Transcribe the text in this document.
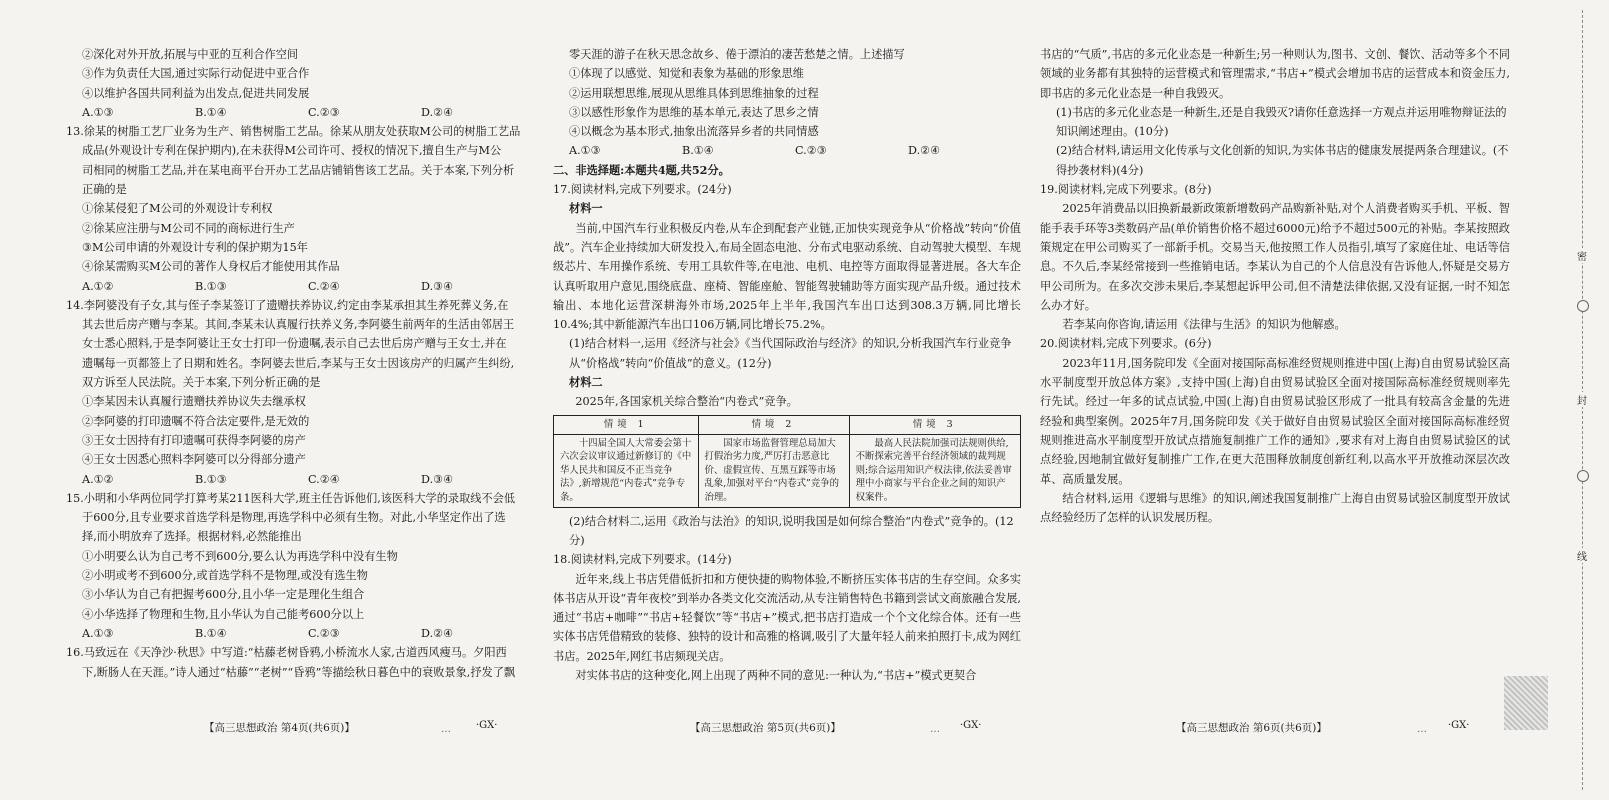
②深化对外开放,拓展与中亚的互利合作空间
③作为负责任大国,通过实际行动促进中亚合作
④以维护各国共同利益为出发点,促进共同发展
A.①③	B.①④	C.②③	D.②④
13.徐某的树脂工艺厂业务为生产、销售树脂工艺品。徐某从朋友处获取M公司的树脂工艺品
成品(外观设计专利在保护期内),在未获得M公司许可、授权的情况下,擅自生产与M公
司相同的树脂工艺品,并在某电商平台开办工艺品店铺销售该工艺品。关于本案,下列分析
正确的是
①徐某侵犯了M公司的外观设计专利权
②徐某应注册与M公司不同的商标进行生产
③M公司申请的外观设计专利的保护期为15年
④徐某需购买M公司的著作人身权后才能使用其作品
A.①②	B.①③	C.②④	D.③④
14.李阿婆没有子女,其与侄子李某签订了遗赠扶养协议,约定由李某承担其生养死葬义务,在
其去世后房产赠与李某。其间,李某未认真履行扶养义务,李阿婆生前两年的生活由邻居王
女士悉心照料,于是李阿婆让王女士打印一份遗嘱,表示自己去世后房产赠与王女士,并在
遗嘱每一页都签上了日期和姓名。李阿婆去世后,李某与王女士因该房产的归属产生纠纷,
双方诉至人民法院。关于本案,下列分析正确的是
①李某因未认真履行遗赠扶养协议失去继承权
②李阿婆的打印遗嘱不符合法定要件,是无效的
③王女士因持有打印遗嘱可获得李阿婆的房产
④王女士因悉心照料李阿婆可以分得部分遗产
A.①②	B.①③	C.②④	D.③④
15.小明和小华两位同学打算考某211医科大学,班主任告诉他们,该医科大学的录取线不会低
于600分,且专业要求首选学科是物理,再选学科中必须有生物。对此,小华坚定作出了选
择,而小明放弃了选择。根据材料,必然能推出
①小明要么认为自己考不到600分,要么认为再选学科中没有生物
②小明或考不到600分,或首选学科不是物理,或没有选生物
③小华认为自己有把握考600分,且小华一定是理化生组合
④小华选择了物理和生物,且小华认为自己能考600分以上
A.①③	B.①④	C.②③	D.②④
16.马致远在《天净沙·秋思》中写道:“枯藤老树昏鸦,小桥流水人家,古道西风瘦马。夕阳西
下,断肠人在天涯。”诗人通过“枯藤”“老树”“昏鸦”等描绘秋日暮色中的衰败景象,抒发了飘
零天涯的游子在秋天思念故乡、倦于漂泊的凄苦愁楚之情。上述描写
①体现了以感觉、知觉和表象为基础的形象思维
②运用联想思维,展现从思维具体到思维抽象的过程
③以感性形象作为思维的基本单元,表达了思乡之情
④以概念为基本形式,抽象出流落异乡者的共同情感
A.①③	B.①④	C.②③	D.②④
二、非选择题:本题共4题,共52分。
17.阅读材料,完成下列要求。(24分)
材料一
当前,中国汽车行业积极反内卷,从车企到配套产业链,正加快实现竞争从“价格战”转向“价值战”。汽车企业持续加大研发投入,布局全固态电池、分布式电驱动系统、自动驾驶大模型、车规级芯片、车用操作系统、专用工具软件等,在电池、电机、电控等方面取得显著进展。各大车企认真听取用户意见,围绕底盘、座椅、智能座舱、智能驾驶辅助等方面实现产品升级。通过技术输出、本地化运营深耕海外市场,2025年上半年,我国汽车出口达到308.3万辆,同比增长10.4%;其中新能源汽车出口106万辆,同比增长75.2%。
(1)结合材料一,运用《经济与社会》《当代国际政治与经济》的知识,分析我国汽车行业竞争从“价格战”转向“价值战”的意义。(12分)
材料二
2025年,各国家机关综合整治“内卷式”竞争。
情境 1	情境 2	情境 3
十四届全国人大常委会第十六次会议审议通过新修订的《中华人民共和国反不正当竞争法》,新增规范“内卷式”竞争专条。	国家市场监督管理总局加大打假治劣力度,严厉打击恶意比价、虚假宣传、互黑互踩等市场乱象,加强对平台“内卷式”竞争的治理。	最高人民法院加强司法规则供给,不断探索完善平台经济领域的裁判规则;综合运用知识产权法律,依法妥善审理中小商家与平台企业之间的知识产权案件。
(2)结合材料二,运用《政治与法治》的知识,说明我国是如何综合整治“内卷式”竞争的。(12分)
18.阅读材料,完成下列要求。(14分)
近年来,线上书店凭借低折扣和方便快捷的购物体验,不断挤压实体书店的生存空间。众多实体书店从开设“青年夜校”到举办各类文化交流活动,从专注销售特色书籍到尝试文商旅融合发展,通过“书店+咖啡”“书店+轻餐饮”等“书店+”模式,把书店打造成一个个文化综合体。还有一些实体书店凭借精致的装修、独特的设计和高雅的格调,吸引了大量年轻人前来拍照打卡,成为网红书店。2025年,网红书店频现关店。
对实体书店的这种变化,网上出现了两种不同的意见:一种认为,“书店+”模式更契合
书店的“气质”,书店的多元化业态是一种新生;另一种则认为,图书、文创、餐饮、活动等多个不同领域的业务都有其独特的运营模式和管理需求,“书店+”模式会增加书店的运营成本和资金压力,即书店的多元化业态是一种自我毁灭。
(1)书店的多元化业态是一种新生,还是自我毁灭?请你任意选择一方观点并运用唯物辩证法的知识阐述理由。(10分)
(2)结合材料,请运用文化传承与文化创新的知识,为实体书店的健康发展提两条合理建议。(不得抄袭材料)(4分)
19.阅读材料,完成下列要求。(8分)
2025年消费品以旧换新最新政策新增数码产品购新补贴,对个人消费者购买手机、平板、智能手表手环等3类数码产品(单价销售价格不超过6000元)给予不超过500元的补贴。李某按照政策规定在甲公司购买了一部新手机。交易当天,他按照工作人员指引,填写了家庭住址、电话等信息。不久后,李某经常接到一些推销电话。李某认为自己的个人信息没有告诉他人,怀疑是交易方甲公司所为。在多次交涉未果后,李某想起诉甲公司,但不清楚法律依据,又没有证据,一时不知怎么办才好。
若李某向你咨询,请运用《法律与生活》的知识为他解惑。
20.阅读材料,完成下列要求。(6分)
2023年11月,国务院印发《全面对接国际高标准经贸规则推进中国(上海)自由贸易试验区高水平制度型开放总体方案》,支持中国(上海)自由贸易试验区全面对接国际高标准经贸规则率先行先试。经过一年多的试点试验,中国(上海)自由贸易试验区形成了一批具有较高含金量的先进经验和典型案例。2025年7月,国务院印发《关于做好自由贸易试验区全面对接国际高标准经贸规则推进高水平制度型开放试点措施复制推广工作的通知》,要求有对上海自由贸易试验区的试点经验,因地制宜做好复制推广工作,在更大范围释放制度创新红利,以高水平开放推动深层次改革、高质量发展。
结合材料,运用《逻辑与思维》的知识,阐述我国复制推广上海自由贸易试验区制度型开放试点经验经历了怎样的认识发展历程。
【高三思想政治 第4页(共6页)】	…	·GX·	【高三思想政治 第5页(共6页)】	… ·GX·	【高三思想政治 第6页(共6页)】	… ·GX·
密
封
线
